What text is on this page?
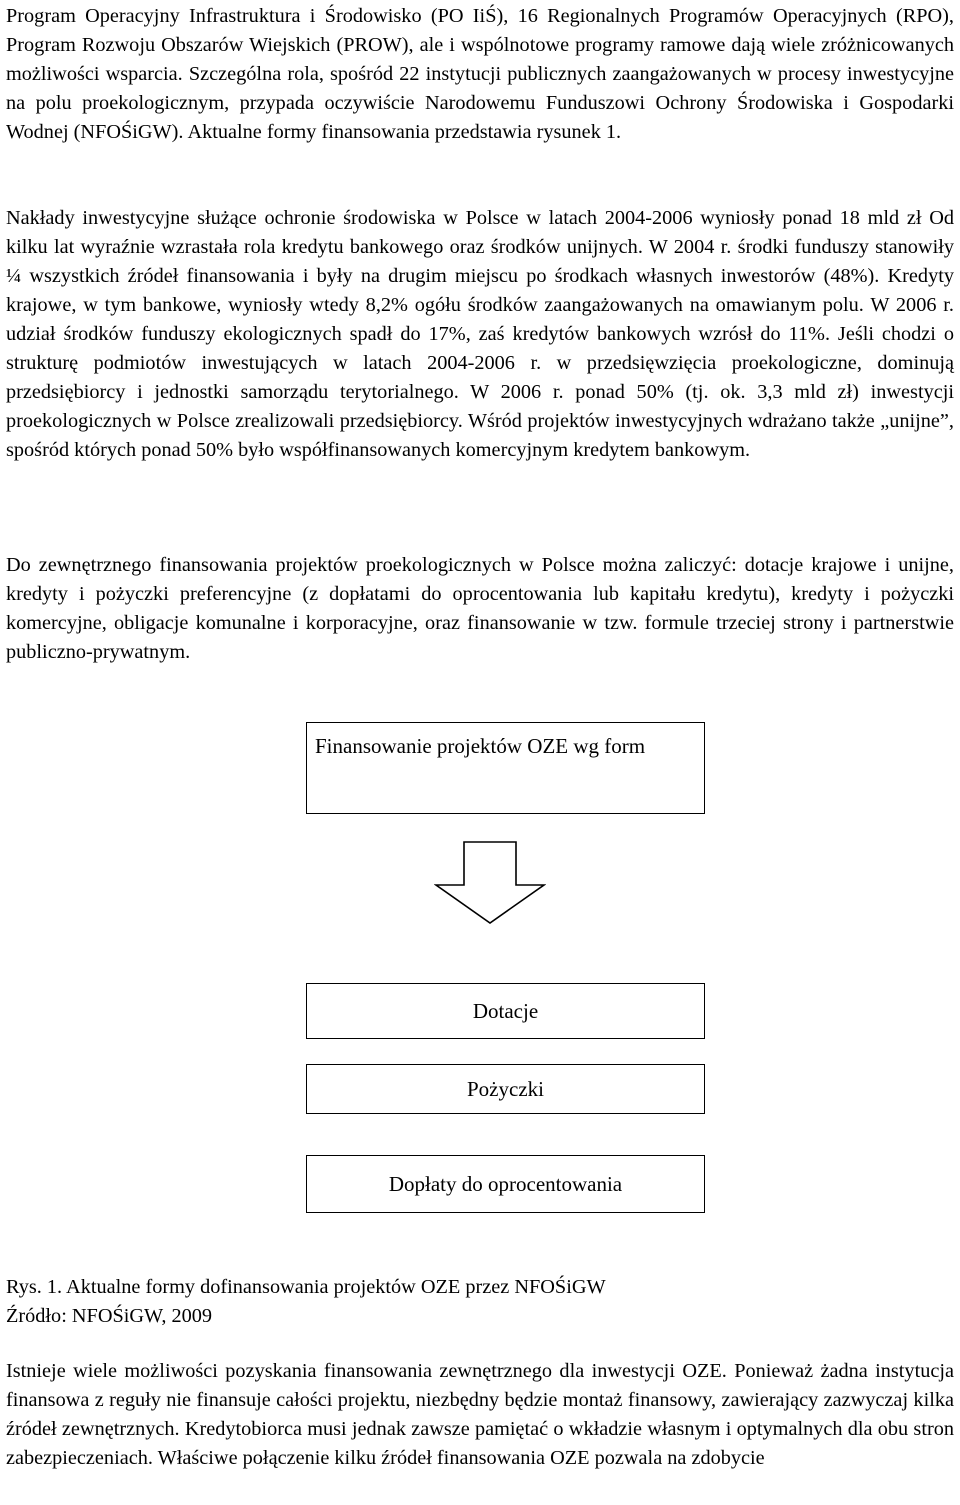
Program Operacyjny Infrastruktura i Środowisko (PO IiŚ), 16 Regionalnych Programów Operacyjnych (RPO), Program Rozwoju Obszarów Wiejskich (PROW), ale i wspólnotowe programy ramowe dają wiele zróżnicowanych możliwości wsparcia. Szczególna rola, spośród 22 instytucji publicznych zaangażowanych w procesy inwestycyjne na polu proekologicznym, przypada oczywiście Narodowemu Funduszowi Ochrony Środowiska i Gospodarki Wodnej (NFOŚiGW). Aktualne formy finansowania przedstawia rysunek 1.

Nakłady inwestycyjne służące ochronie środowiska w Polsce w latach 2004-2006 wyniosły ponad 18 mld zł Od kilku lat wyraźnie wzrastała rola kredytu bankowego oraz środków unijnych. W 2004 r. środki funduszy stanowiły ¼ wszystkich źródeł finansowania i były na drugim miejscu po środkach własnych inwestorów (48%). Kredyty krajowe, w tym bankowe, wyniosły wtedy 8,2% ogółu środków zaangażowanych na omawianym polu. W 2006 r. udział środków funduszy ekologicznych spadł do 17%, zaś kredytów bankowych wzrósł do 11%. Jeśli chodzi o strukturę podmiotów inwestujących w latach 2004-2006 r. w przedsięwzięcia proekologiczne, dominują przedsiębiorcy i jednostki samorządu terytorialnego. W 2006 r. ponad 50% (tj. ok. 3,3 mld zł) inwestycji proekologicznych w Polsce zrealizowali przedsiębiorcy. Wśród projektów inwestycyjnych wdrażano także „unijne”, spośród których ponad 50% było współfinansowanych komercyjnym kredytem bankowym.

Do zewnętrznego finansowania projektów proekologicznych w Polsce można zaliczyć: dotacje krajowe i unijne, kredyty i pożyczki preferencyjne (z dopłatami do oprocentowania lub kapitału kredytu), kredyty i pożyczki komercyjne, obligacje komunalne i korporacyjne, oraz finansowanie w tzw. formule trzeciej strony i partnerstwie publiczno-prywatnym.

Finansowanie projektów OZE wg form
Dotacje
Pożyczki
Dopłaty do oprocentowania

Rys. 1. Aktualne formy dofinansowania projektów OZE przez NFOŚiGW

Źródło: NFOŚiGW, 2009

Istnieje wiele możliwości pozyskania finansowania zewnętrznego dla inwestycji OZE. Ponieważ żadna instytucja finansowa z reguły nie finansuje całości projektu, niezbędny będzie montaż finansowy, zawierający zazwyczaj kilka źródeł zewnętrznych. Kredytobiorca musi jednak zawsze pamiętać o wkładzie własnym i optymalnych dla obu stron zabezpieczeniach. Właściwe połączenie kilku źródeł finansowania OZE pozwala na zdobycie
